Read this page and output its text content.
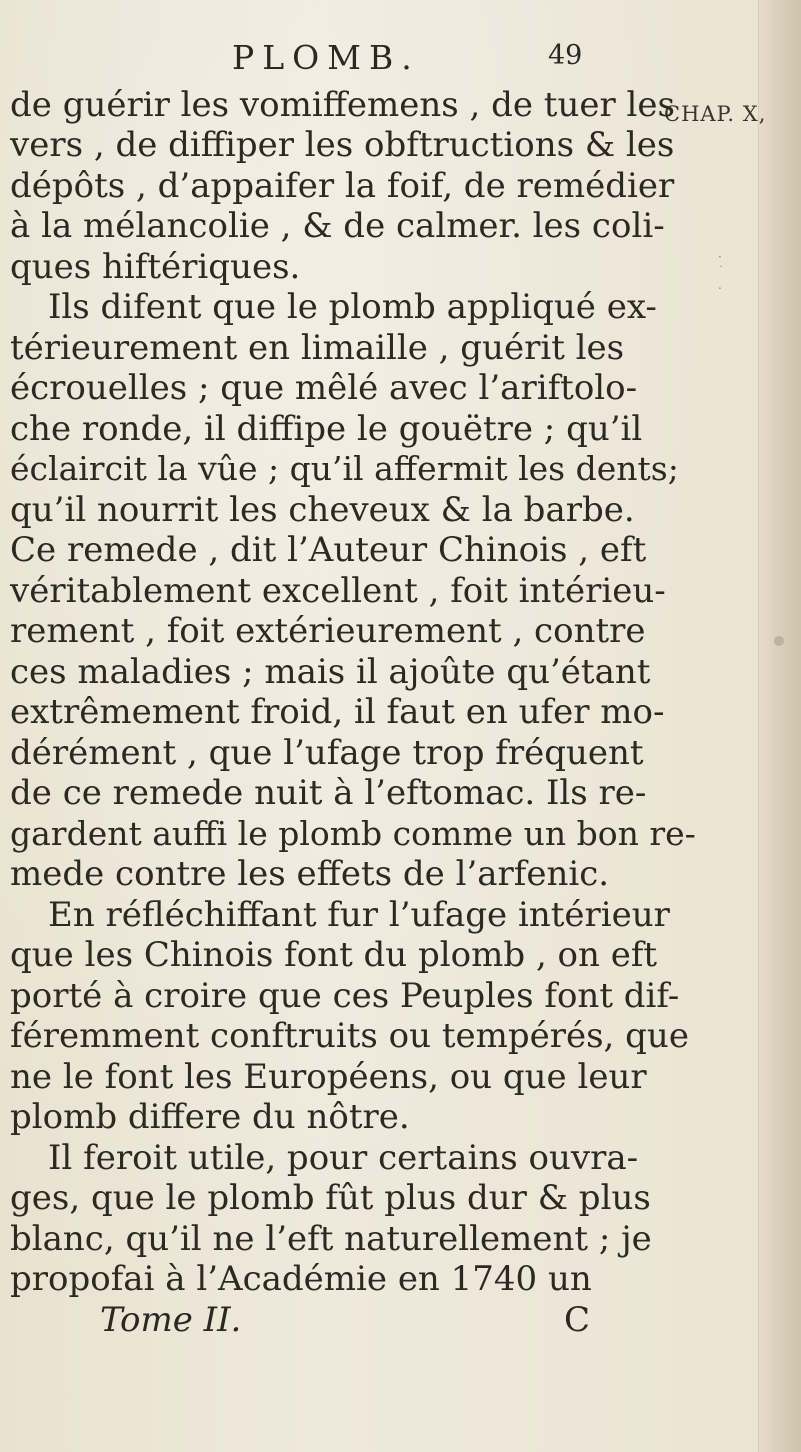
PLOMB.	49
CHAP. X,
·
˙
.
de guérir les vomiffemens , de tuer les
vers , de diffiper les obftructions & les
dépôts , d’appaifer la foif, de remédier
à la mélancolie , & de calmer. les coli-
ques hiftériques.
Ils difent que le plomb appliqué ex-
térieurement en limaille , guérit les
écrouelles ; que mêlé avec l’ariftolo-
che ronde, il diffipe le gouëtre ; qu’il
éclaircit la vûe ; qu’il affermit les dents;
qu’il nourrit les cheveux & la barbe.
Ce remede , dit l’Auteur Chinois , eft
véritablement excellent , foit intérieu-
rement , foit extérieurement , contre
ces maladies ; mais il ajoûte qu’étant
extrêmement froid, il faut en ufer mo-
dérément , que l’ufage trop fréquent
de ce remede nuit à l’eftomac. Ils re-
gardent auffi le plomb comme un bon re-
mede contre les effets de l’arfenic.
En réfléchiffant fur l’ufage intérieur
que les Chinois font du plomb , on eft
porté à croire que ces Peuples font dif-
féremment conftruits ou tempérés, que
ne le font les Européens, ou que leur
plomb differe du nôtre.
Il feroit utile, pour certains ouvra-
ges, que le plomb fût plus dur & plus
blanc, qu’il ne l’eft naturellement ; je
propofai à l’Académie en 1740 un
Tome II.	C
